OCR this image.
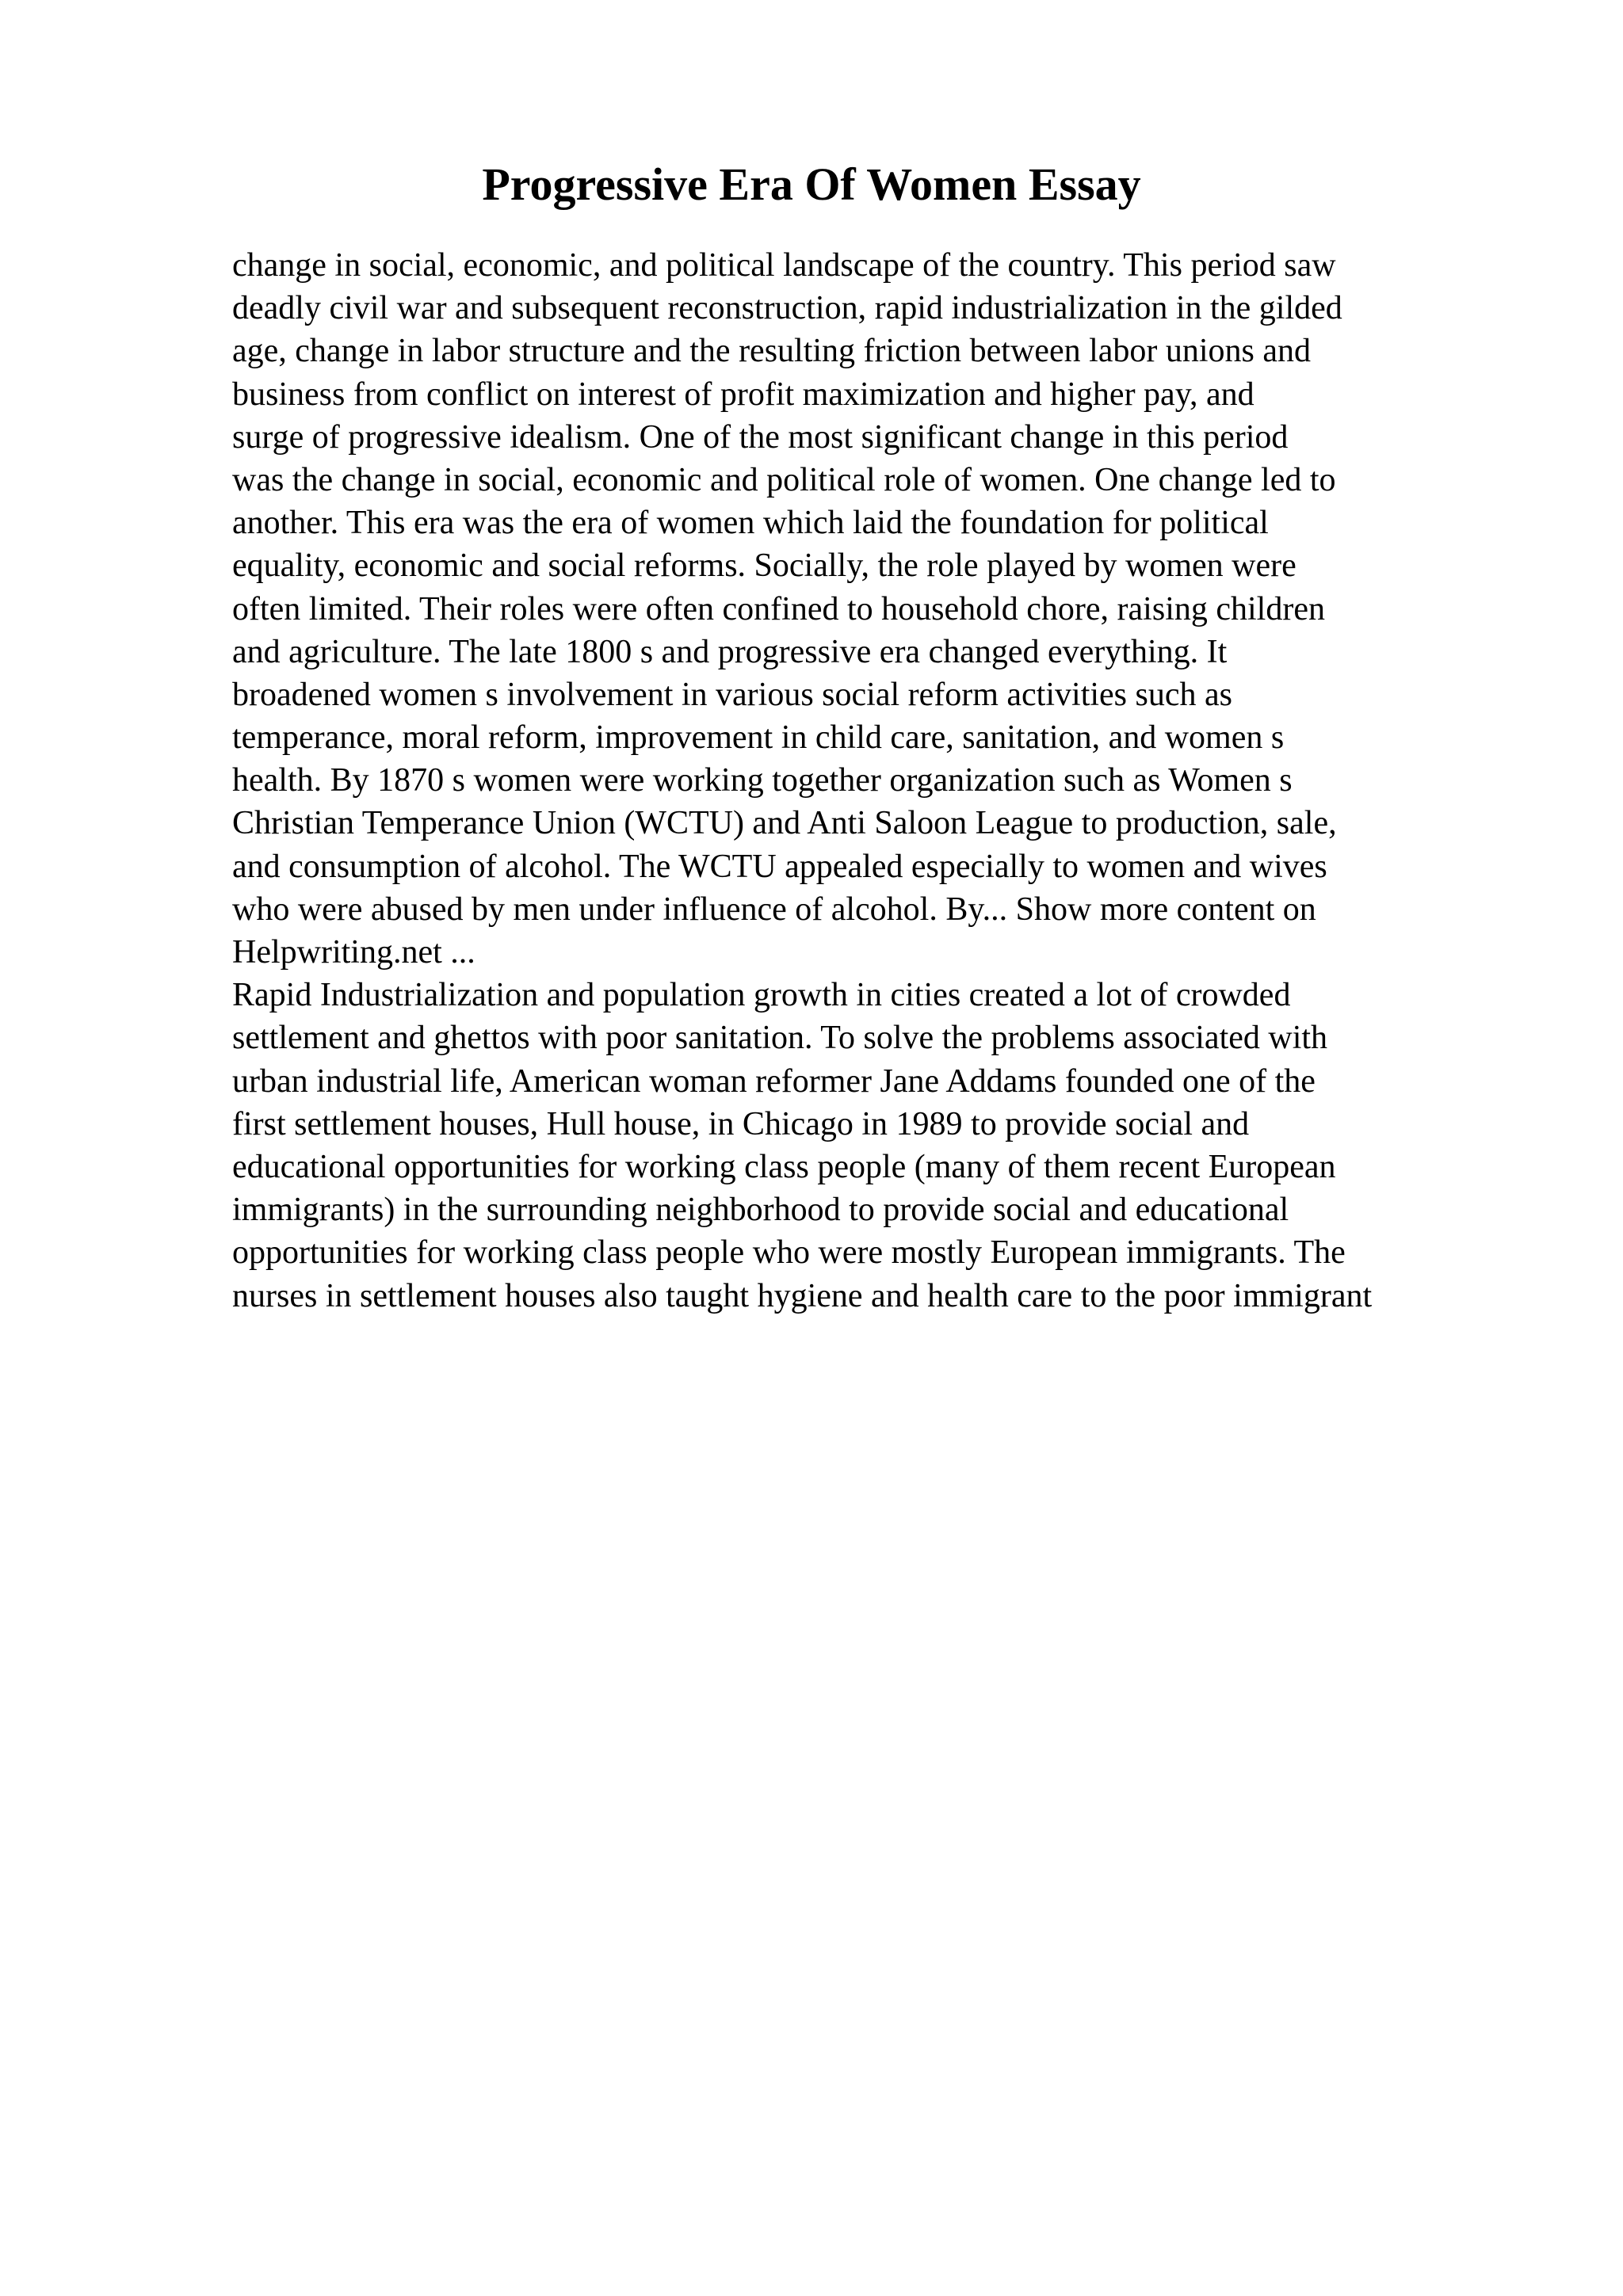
Progressive Era Of Women Essay
change in social, economic, and political landscape of the country. This period saw
deadly civil war and subsequent reconstruction, rapid industrialization in the gilded
age, change in labor structure and the resulting friction between labor unions and
business from conflict on interest of profit maximization and higher pay, and
surge of progressive idealism. One of the most significant change in this period
was the change in social, economic and political role of women. One change led to
another. This era was the era of women which laid the foundation for political
equality, economic and social reforms. Socially, the role played by women were
often limited. Their roles were often confined to household chore, raising children
and agriculture. The late 1800 s and progressive era changed everything. It
broadened women s involvement in various social reform activities such as
temperance, moral reform, improvement in child care, sanitation, and women s
health. By 1870 s women were working together organization such as Women s
Christian Temperance Union (WCTU) and Anti Saloon League to production, sale,
and consumption of alcohol. The WCTU appealed especially to women and wives
who were abused by men under influence of alcohol. By... Show more content on
Helpwriting.net ...
Rapid Industrialization and population growth in cities created a lot of crowded
settlement and ghettos with poor sanitation. To solve the problems associated with
urban industrial life, American woman reformer Jane Addams founded one of the
first settlement houses, Hull house, in Chicago in 1989 to provide social and
educational opportunities for working class people (many of them recent European
immigrants) in the surrounding neighborhood to provide social and educational
opportunities for working class people who were mostly European immigrants. The
nurses in settlement houses also taught hygiene and health care to the poor immigrant
